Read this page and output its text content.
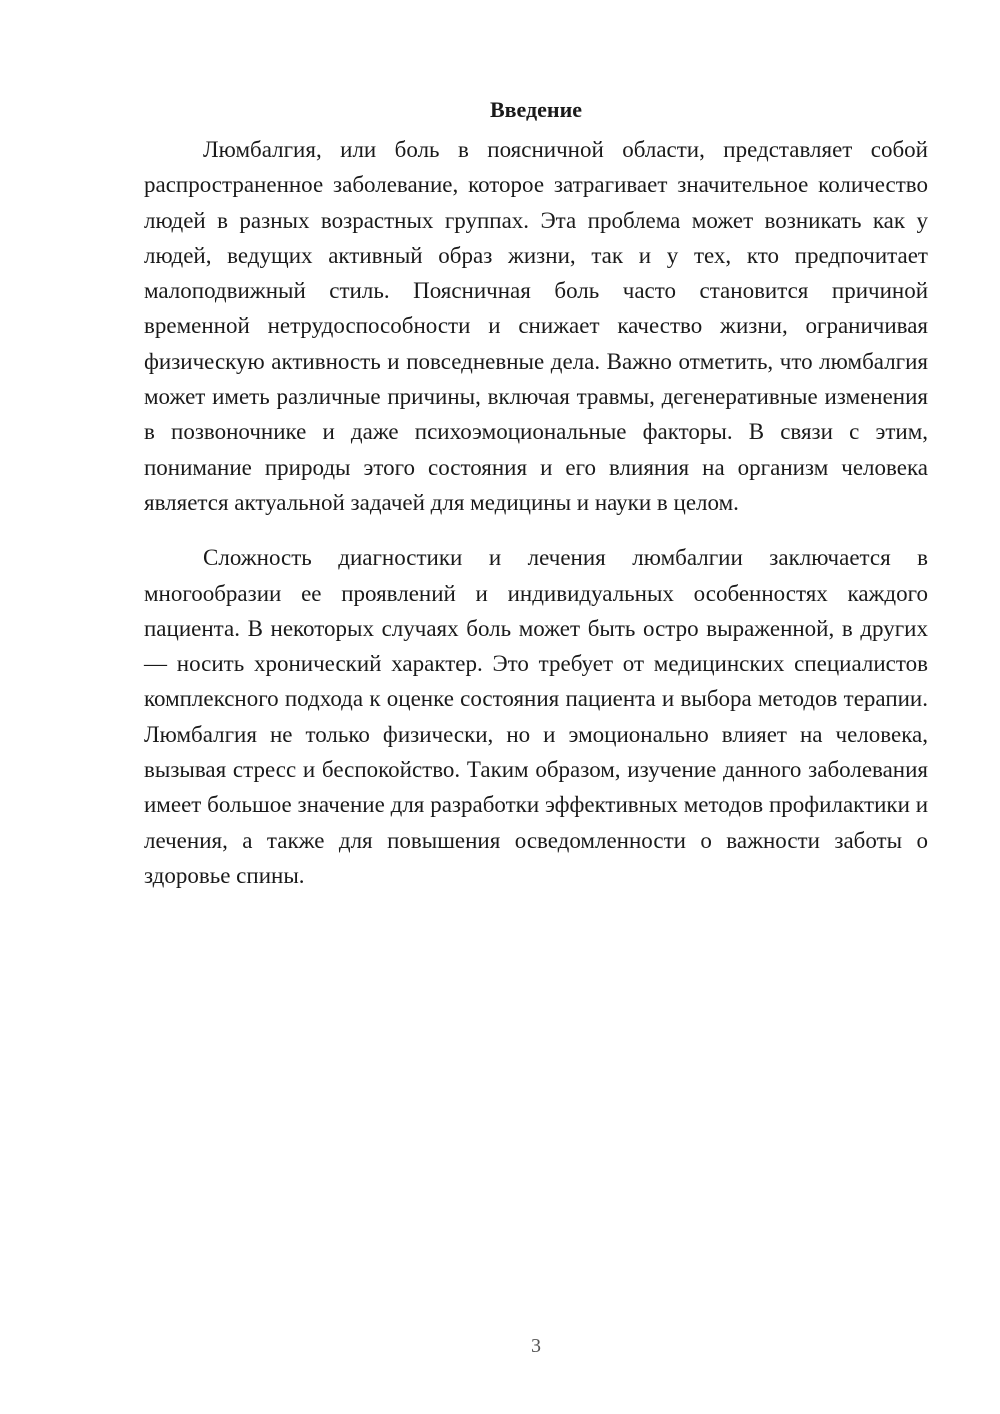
Введение

Люмбалгия, или боль в поясничной области, представляет собой распространенное заболевание, которое затрагивает значительное количество людей в разных возрастных группах. Эта проблема может возникать как у людей, ведущих активный образ жизни, так и у тех, кто предпочитает малоподвижный стиль. Поясничная боль часто становится причиной временной нетрудоспособности и снижает качество жизни, ограничивая физическую активность и повседневные дела. Важно отметить, что люмбалгия может иметь различные причины, включая травмы, дегенеративные изменения в позвоночнике и даже психоэмоциональные факторы. В связи с этим, понимание природы этого состояния и его влияния на организм человека является актуальной задачей для медицины и науки в целом.

Сложность диагностики и лечения люмбалгии заключается в многообразии ее проявлений и индивидуальных особенностях каждого пациента. В некоторых случаях боль может быть остро выраженной, в других — носить хронический характер. Это требует от медицинских специалистов комплексного подхода к оценке состояния пациента и выбора методов терапии. Люмбалгия не только физически, но и эмоционально влияет на человека, вызывая стресс и беспокойство. Таким образом, изучение данного заболевания имеет большое значение для разработки эффективных методов профилактики и лечения, а также для повышения осведомленности о важности заботы о здоровье спины.

3
